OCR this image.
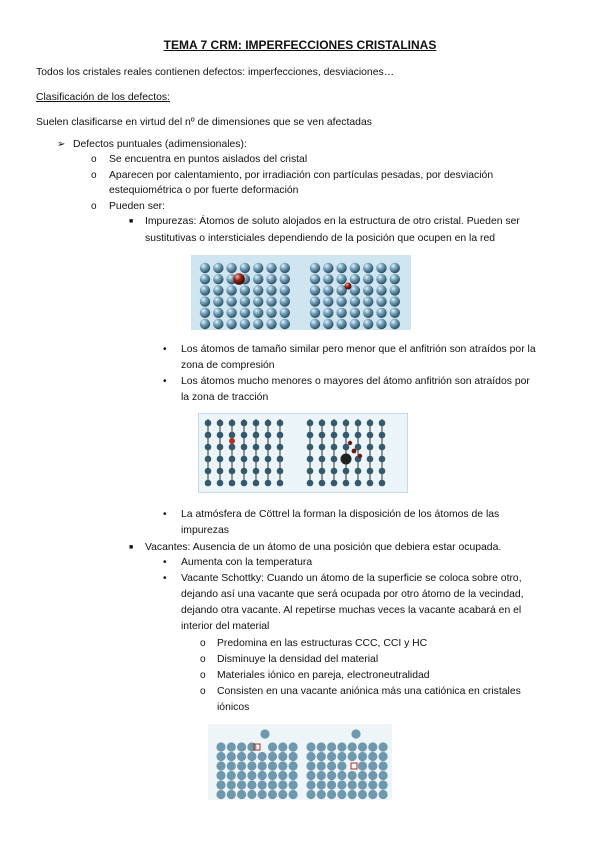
TEMA 7 CRM: IMPERFECCIONES CRISTALINAS
Todos los cristales reales contienen defectos: imperfecciones, desviaciones…
Clasificación de los defectos:
Suelen clasificarse en virtud del nº de dimensiones que se ven afectadas
➢ Defectos puntuales (adimensionales):
o Se encuentra en puntos aislados del cristal
o Aparecen por calentamiento, por irradiación con partículas pesadas, por desviación
estequiométrica o por fuerte deformación
o Pueden ser:
■ Impurezas: Átomos de soluto alojados en la estructura de otro cristal. Pueden ser
sustitutivas o intersticiales dependiendo de la posición que ocupen en la red
• Los átomos de tamaño similar pero menor que el anfitrión son atraídos por la
zona de compresión
• Los átomos mucho menores o mayores del átomo anfitrión son atraídos por
la zona de tracción
• La atmósfera de Cöttrel la forman la disposición de los átomos de las
impurezas
■ Vacantes: Ausencia de un átomo de una posición que debiera estar ocupada.
• Aumenta con la temperatura
• Vacante Schottky: Cuando un átomo de la superficie se coloca sobre otro,
dejando así una vacante que será ocupada por otro átomo de la vecindad,
dejando otra vacante. Al repetirse muchas veces la vacante acabará en el
interior del material
o Predomina en las estructuras CCC, CCI y HC
o Disminuye la densidad del material
o Materiales iónico en pareja, electroneutralidad
o Consisten en una vacante aniónica más una catiónica en cristales
iónicos
